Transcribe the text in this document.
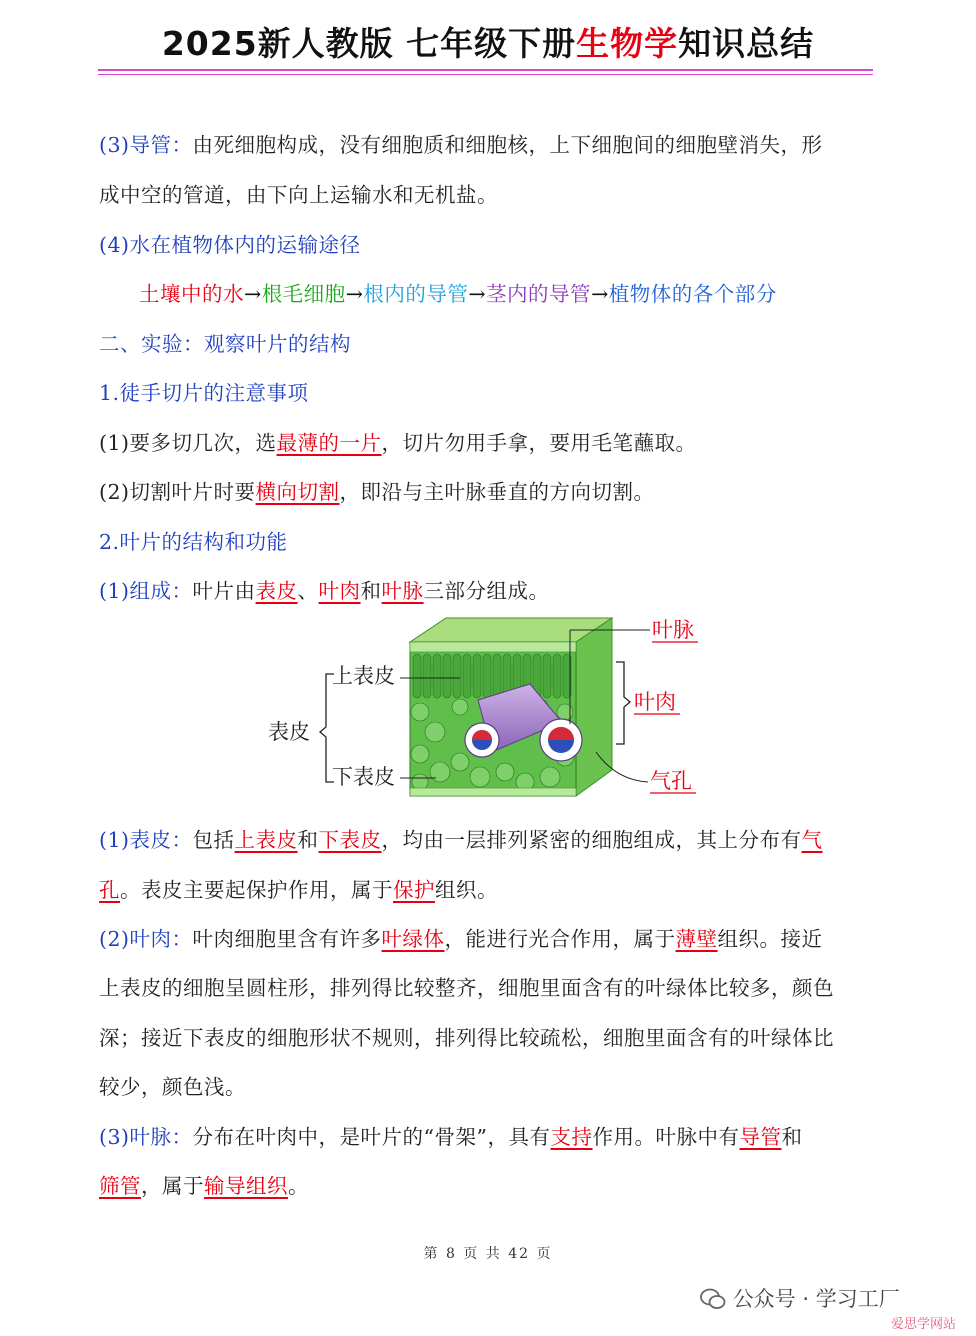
2025新人教版 七年级下册生物学知识总结
(3)导管：由死细胞构成，没有细胞质和细胞核，上下细胞间的细胞壁消失，形
成中空的管道，由下向上运输水和无机盐。
(4)水在植物体内的运输途径
土壤中的水→根毛细胞→根内的导管→茎内的导管→植物体的各个部分
二、实验：观察叶片的结构
1.徒手切片的注意事项
(1)要多切几次，选最薄的一片，切片勿用手拿，要用毛笔蘸取。
(2)切割叶片时要横向切割，即沿与主叶脉垂直的方向切割。
2.叶片的结构和功能
(1)组成：叶片由表皮、叶肉和叶脉三部分组成。
表皮
上表皮
下表皮
叶脉
叶肉
气孔
(1)表皮：包括上表皮和下表皮，均由一层排列紧密的细胞组成，其上分布有气
孔。表皮主要起保护作用，属于保护组织。
(2)叶肉：叶肉细胞里含有许多叶绿体，能进行光合作用，属于薄壁组织。接近
上表皮的细胞呈圆柱形，排列得比较整齐，细胞里面含有的叶绿体比较多，颜色
深；接近下表皮的细胞形状不规则，排列得比较疏松，细胞里面含有的叶绿体比
较少，颜色浅。
(3)叶脉：分布在叶肉中，是叶片的“骨架”，具有支持作用。叶脉中有导管和
筛管，属于输导组织。
第 8 页 共 42 页
公众号 · 学习工厂
爱思学网站
